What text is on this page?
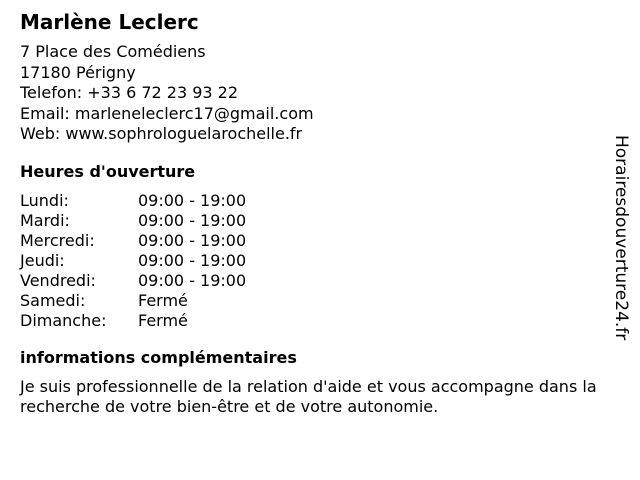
Marlène Leclerc
7 Place des Comédiens
17180 Périgny
Telefon: +33 6 72 23 93 22
Email: marleneleclerc17@gmail.com
Web: www.sophrologuelarochelle.fr
Heures d'ouverture
Lundi:	09:00 - 19:00
Mardi:	09:00 - 19:00
Mercredi:	09:00 - 19:00
Jeudi:	09:00 - 19:00
Vendredi:	09:00 - 19:00
Samedi:	Fermé
Dimanche:	Fermé
informations complémentaires
Je suis professionnelle de la relation d'aide et vous accompagne dans la recherche de votre bien-être et de votre autonomie.
Horairesdouverture24.fr
